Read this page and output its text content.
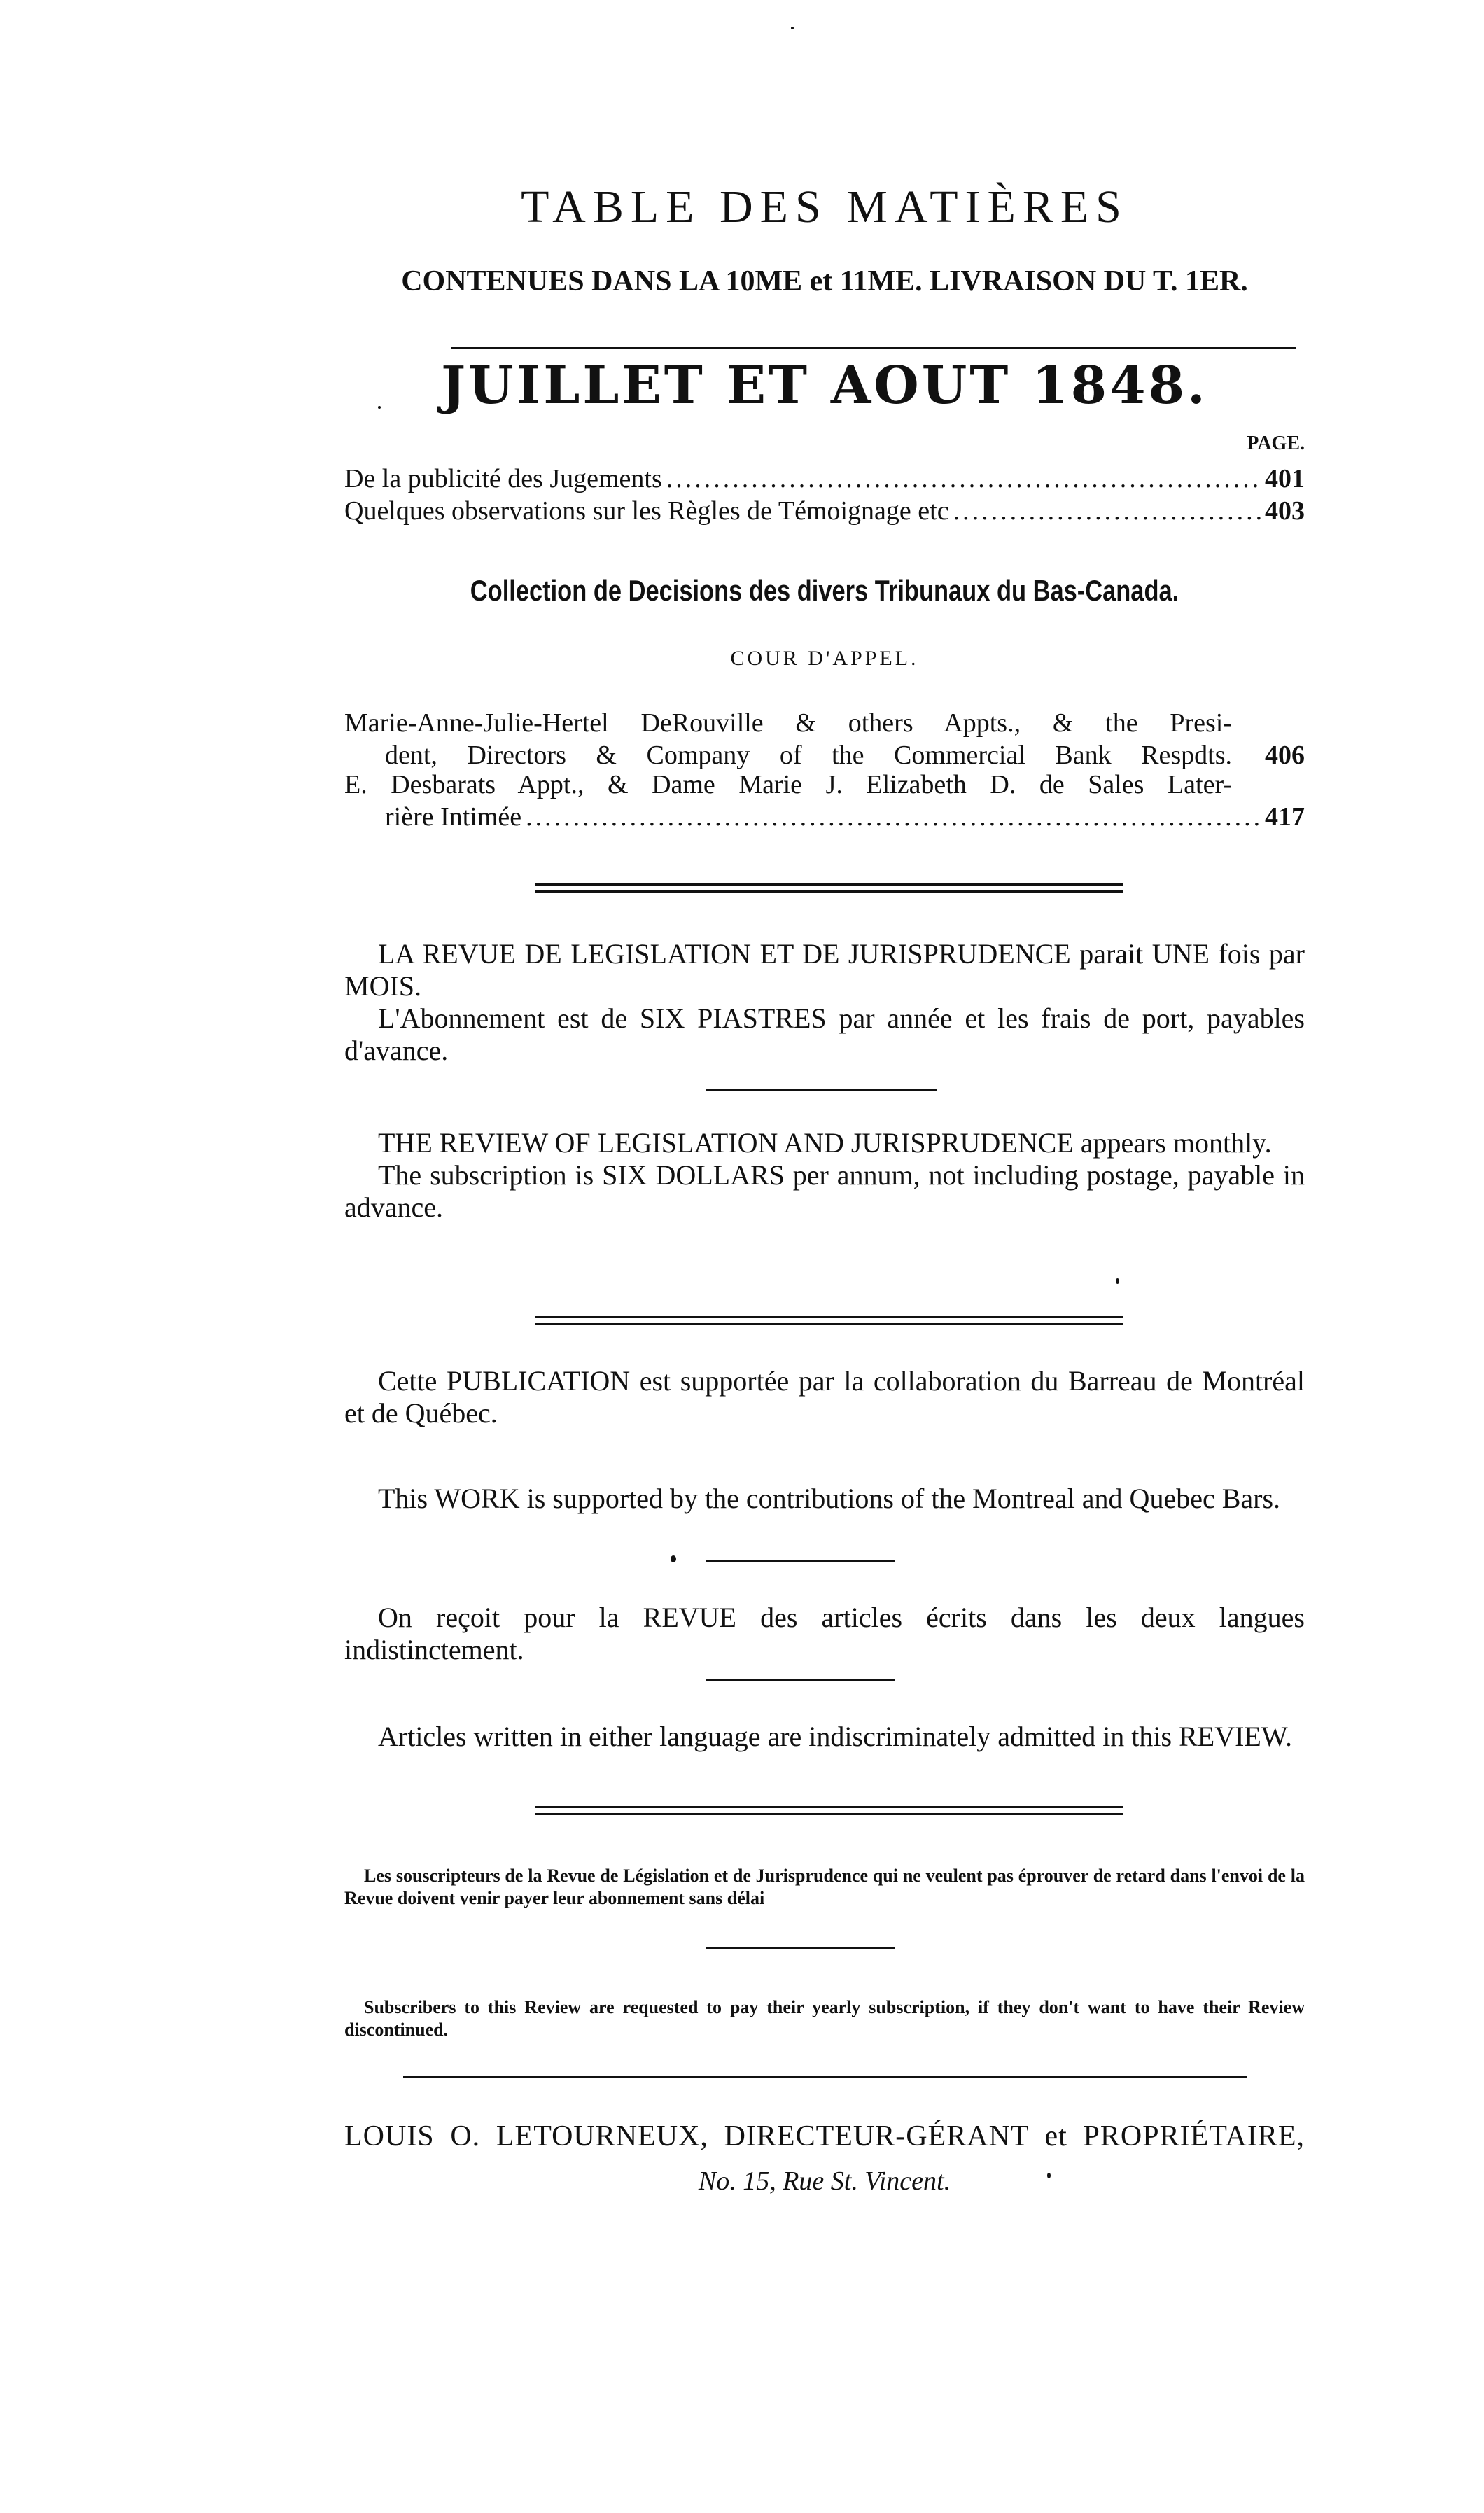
TABLE DES MATIÈRES
CONTENUES DANS LA 10ME et 11ME. LIVRAISON DU T. 1ER.
JUILLET ET AOUT 1848.
PAGE.
De la publicité des Jugements .....	401
Quelques observations sur les Règles de Témoignage etc .....	403
Collection de Decisions des divers Tribunaux du Bas-Canada.
COUR D'APPEL.
Marie-Anne-Julie-Hertel DeRouville & others Appts., & the Presi-
dent, Directors & Company of the Commercial Bank Respdts.	406
E. Desbarats Appt., & Dame Marie J. Elizabeth D. de Sales Later-
rière Intimée .....	417

LA REVUE DE LEGISLATION ET DE JURISPRUDENCE parait UNE fois par MOIS.

L'Abonnement est de SIX PIASTRES par année et les frais de port, payables d'avance.

THE REVIEW OF LEGISLATION AND JURISPRUDENCE appears monthly.

The subscription is SIX DOLLARS per annum, not including postage, payable in advance.

Cette PUBLICATION est supportée par la collaboration du Barreau de Montréal et de Québec.

This WORK is supported by the contributions of the Montreal and Quebec Bars.

On reçoit pour la REVUE des articles écrits dans les deux langues indistinctement.

Articles written in either language are indiscriminately admitted in this REVIEW.

Les souscripteurs de la Revue de Législation et de Jurisprudence qui ne veulent pas éprouver de retard dans l'envoi de la Revue doivent venir payer leur abonnement sans délai
Subscribers to this Review are requested to pay their yearly subscription, if they don't want to have their Review discontinued.
LOUIS O. LETOURNEUX, DIRECTEUR-GÉRANT et PROPRIÉTAIRE,
No. 15, Rue St. Vincent.
